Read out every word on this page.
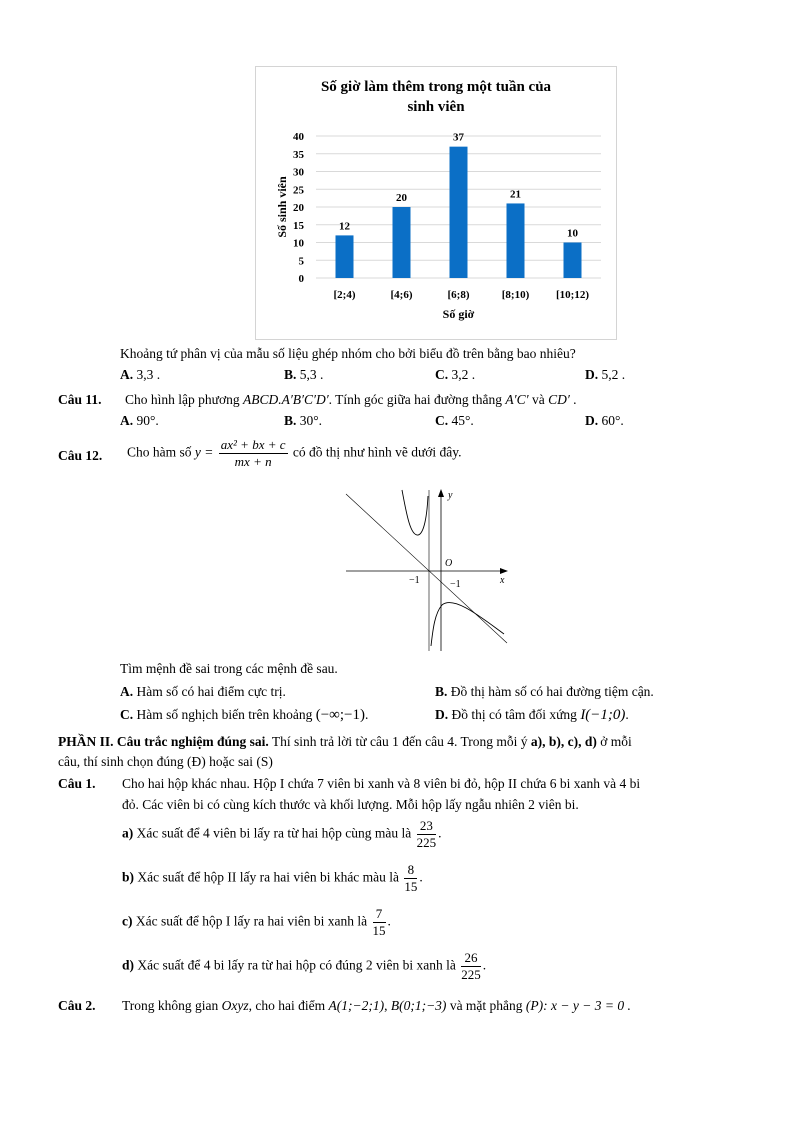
Số giờ làm thêm trong một tuần của
sinh viên
0
5
10
15
20
25
30
35
40
12
[2;4)
20
[4;6)
37
[6;8)
21
[8;10)
10
[10;12)
Số giờ
Số sinh viên
Khoảng tứ phân vị của mẫu số liệu ghép nhóm cho bởi biểu đồ trên bằng bao nhiêu?
A. 3,3 .	B. 5,3 .	C. 3,2 .	D. 5,2 .
Câu 11. Cho hình lập phương ABCD.A′B′C′D′. Tính góc giữa hai đường thẳng A′C′ và CD′ .
A. 90°.	B. 30°.	C. 45°.	D. 60°.
Câu 12. Cho hàm số $y = \frac{\text{ax² + bx + c}}{mx + n}$ có đồ thị như hình vẽ dưới đây.
y
x
O
−1	−1
Tìm mệnh đề sai trong các mệnh đề sau.
A. Hàm số có hai điểm cực trị.	B. Đồ thị hàm số có hai đường tiệm cận.
C. Hàm số nghịch biến trên khoảng (−∞;−1).	D. Đồ thị có tâm đối xứng I(−1;0).
PHẦN II. Câu trắc nghiệm đúng sai. Thí sinh trả lời từ câu 1 đến câu 4. Trong mỗi ý a), b), c), d) ở mỗi
câu, thí sinh chọn đúng (Đ) hoặc sai (S)
Câu 1. Cho hai hộp khác nhau. Hộp I chứa 7 viên bi xanh và 8 viên bi đỏ, hộp II chứa 6 bi xanh và 4 bi
đỏ. Các viên bi có cùng kích thước và khối lượng. Mỗi hộp lấy ngẫu nhiên 2 viên bi.
a) Xác suất để 4 viên bi lấy ra từ hai hộp cùng màu là $\frac{23}{225}$ .
b) Xác suất để hộp II lấy ra hai viên bi khác màu là $\frac{8}{15}$ .
c) Xác suất để hộp I lấy ra hai viên bi xanh là $\frac{7}{15}$ .
d) Xác suất để 4 bi lấy ra từ hai hộp có đúng 2 viên bi xanh là $\frac{26}{225}$ .
Câu 2. Trong không gian Oxyz, cho hai điểm A(1;−2;1), B(0;1;−3) và mặt phẳng (P): x − y − 3 = 0 .
